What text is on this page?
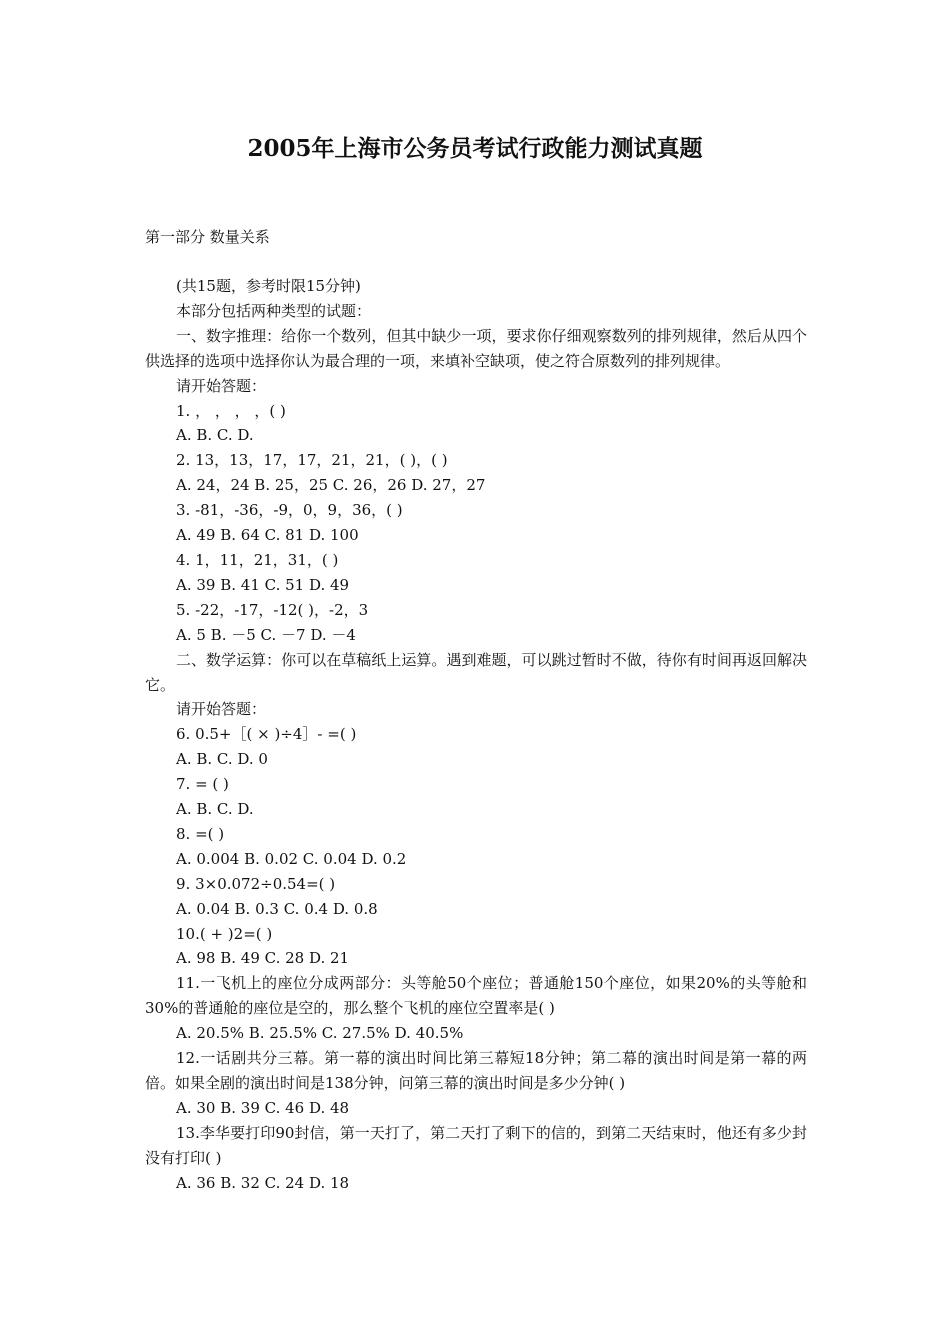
2005年上海市公务员考试行政能力测试真题
第一部分 数量关系

(共15题，参考时限15分钟)

本部分包括两种类型的试题：

一、数字推理：给你一个数列，但其中缺少一项，要求你仔细观察数列的排列规律，然后从四个供选择的选项中选择你认为最合理的一项，来填补空缺项，使之符合原数列的排列规律。

请开始答题：

1. ， ， ， ，( )

A. B. C. D.

2. 13，13，17，17，21，21，( )，( )

A. 24，24 B. 25，25 C. 26，26 D. 27，27

3. -81，-36，-9，0，9，36，( )

A. 49 B. 64 C. 81 D. 100

4. 1，11，21，31，( )

A. 39 B. 41 C. 51 D. 49

5. -22，-17，-12( )，-2，3

A. 5 B. －5 C. －7 D. －4

二、数学运算：你可以在草稿纸上运算。遇到难题，可以跳过暂时不做，待你有时间再返回解决它。

请开始答题：

6. 0.5+［( × )÷4］- =( )

A. B. C. D. 0

7. = ( )

A. B. C. D.

8. =( )

A. 0.004 B. 0.02 C. 0.04 D. 0.2

9. 3×0.072÷0.54=( )

A. 0.04 B. 0.3 C. 0.4 D. 0.8

10.( + )2=( )

A. 98 B. 49 C. 28 D. 21

11.一飞机上的座位分成两部分：头等舱50个座位；普通舱150个座位，如果20%的头等舱和30%的普通舱的座位是空的，那么整个飞机的座位空置率是( )

A. 20.5% B. 25.5% C. 27.5% D. 40.5%

12.一话剧共分三幕。第一幕的演出时间比第三幕短18分钟；第二幕的演出时间是第一幕的两倍。如果全剧的演出时间是138分钟，问第三幕的演出时间是多少分钟( )

A. 30 B. 39 C. 46 D. 48

13.李华要打印90封信，第一天打了，第二天打了剩下的信的，到第二天结束时，他还有多少封没有打印( )

A. 36 B. 32 C. 24 D. 18
